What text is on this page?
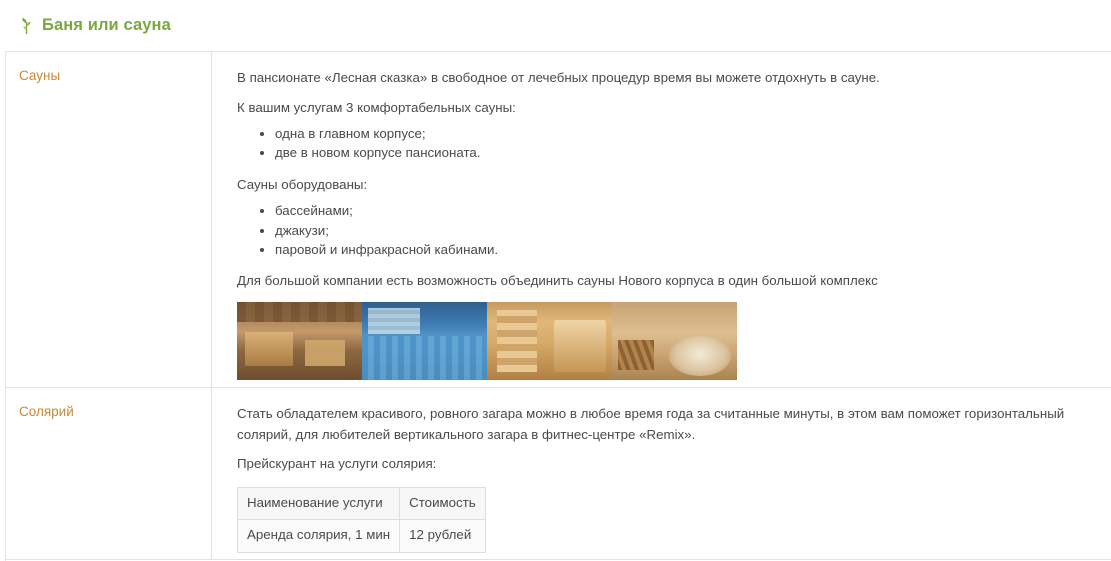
Баня или сауна
Сауны	В пансионате «Лесная сказка» в свободное от лечебных процедур время вы можете отдохнуть в сауне.

К вашим услугам 3 комфортабельных сауны:

• одна в главном корпусе;
• две в новом корпусе пансионата.

Сауны оборудованы:

• бассейнами;
• джакузи;
• паровой и инфракрасной кабинами.

Для большой компании есть возможность объединить сауны Нового корпуса в один большой комплекс

Солярий	Стать обладателем красивого, ровного загара можно в любое время года за считанные минуты, в этом вам поможет горизонтальный солярий, для любителей вертикального загара в фитнес-центре «Remix».

Прейскурант на услуги солярия:

Наименование услуги	Стоимость
Аренда солярия, 1 мин	12 рублей
